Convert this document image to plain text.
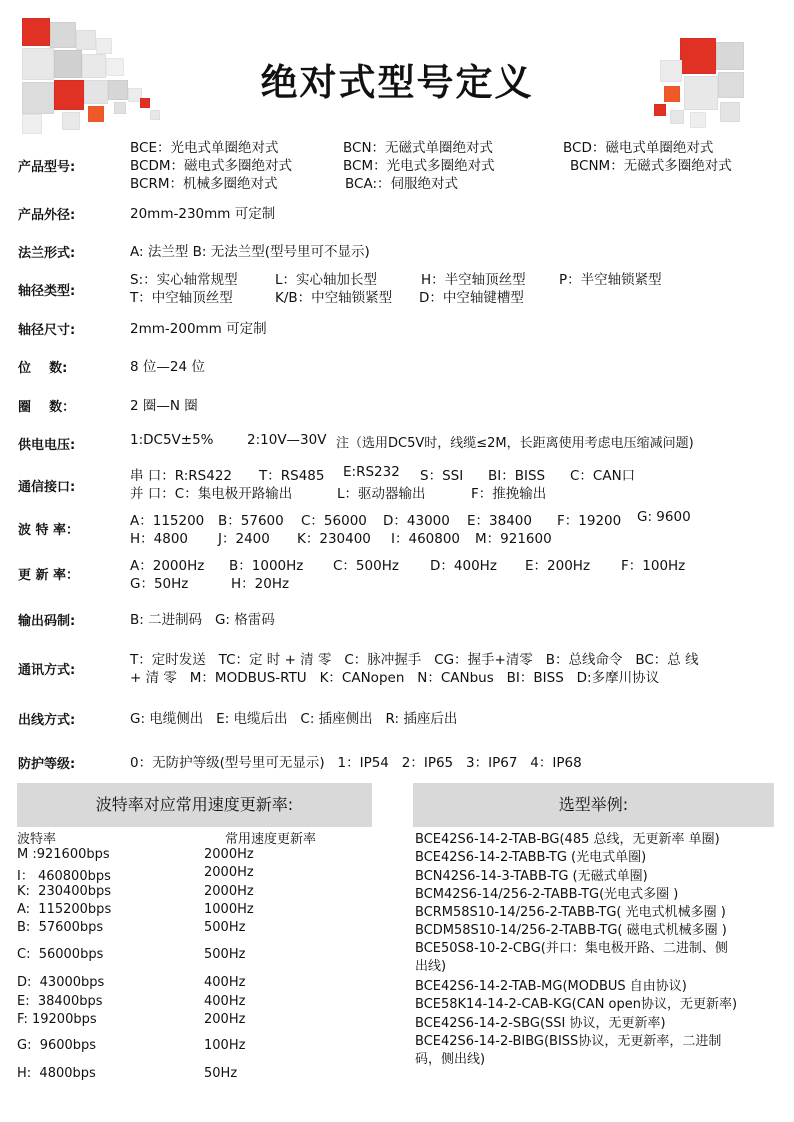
绝对式型号定义
产品型号:
BCE：光电式单圈绝对式	BCN：无磁式单圈绝对式	BCD：磁电式单圈绝对式
BCDM：磁电式多圈绝对式	BCM：光电式多圈绝对式	BCNM：无磁式多圈绝对式
BCRM：机械多圈绝对式	BCA:：伺服绝对式
产品外径:	20mm-230mm 可定制
法兰形式:	A: 法兰型 B: 无法兰型(型号里可不显示)
轴径类型:
S:：实心轴常规型	L：实心轴加长型	H：半空轴顶丝型 P：半空轴锁紧型
T：中空轴顶丝型	K/B：中空轴锁紧型 D：中空轴键槽型
轴径尺寸:	2mm-200mm 可定制
位    数:	8 位—24 位
圈    数：	2 圈—N 圈
供电电压:	1:DC5V±5% 2:10V—30V 注（选用DC5V时，线缆≤2M，长距离使用考虑电压缩减问题)
通信接口:
串 口：R:RS422 T：RS485 E:RS232 S：SSI BI：BISS C：CAN口
并 口：C：集电极开路输出	L：驱动器输出	F：推挽输出
波 特 率：
A：115200 B：57600 C：56000 D：43000 E：38400 F：19200 G: 9600
H：4800 J：2400 K：230400 I：460800 M：921600
更 新 率：
A：2000Hz B：1000Hz C：500Hz D：400Hz E：200Hz F：100Hz
G：50Hz	H：20Hz
输出码制:	B: 二进制码   G: 格雷码
通讯方式:
T：定时发送   TC：定 时 + 清 零   C：脉冲握手   CG：握手+清零   B：总线命令   BC：总 线
+ 清 零   M：MODBUS-RTU   K：CANopen   N：CANbus   BI：BISS   D:多摩川协议
出线方式:	G: 电缆侧出   E: 电缆后出   C: 插座侧出   R: 插座后出
防护等级:	0：无防护等级(型号里可无显示)   1：IP54   2：IP65   3：IP67   4：IP68
波特率对应常用速度更新率:
波特率	常用速度更新率
M :921600bps	2000Hz
I： 460800bps	2000Hz
K:  230400bps	2000Hz
A:  115200bps	1000Hz
B:  57600bps	500Hz
C:  56000bps	500Hz
D:  43000bps	400Hz
E:  38400bps	400Hz
F: 19200bps	200Hz
G:  9600bps	100Hz
H:  4800bps	50Hz
选型举例:
BCE42S6-14-2-TAB-BG(485 总线，无更新率 单圈)
BCE42S6-14-2-TABB-TG (光电式单圈)
BCN42S6-14-3-TABB-TG (无磁式单圈)
BCM42S6-14/256-2-TABB-TG(光电式多圈 )
BCRM58S10-14/256-2-TABB-TG( 光电式机械多圈 )
BCDM58S10-14/256-2-TABB-TG( 磁电式机械多圈 )
BCE50S8-10-2-CBG(并口：集电极开路、二进制、侧
出线)
BCE42S6-14-2-TAB-MG(MODBUS 自由协议)
BCE58K14-14-2-CAB-KG(CAN open协议，无更新率)
BCE42S6-14-2-SBG(SSI 协议，无更新率)
BCE42S6-14-2-BIBG(BISS协议，无更新率，二进制
码，侧出线)
